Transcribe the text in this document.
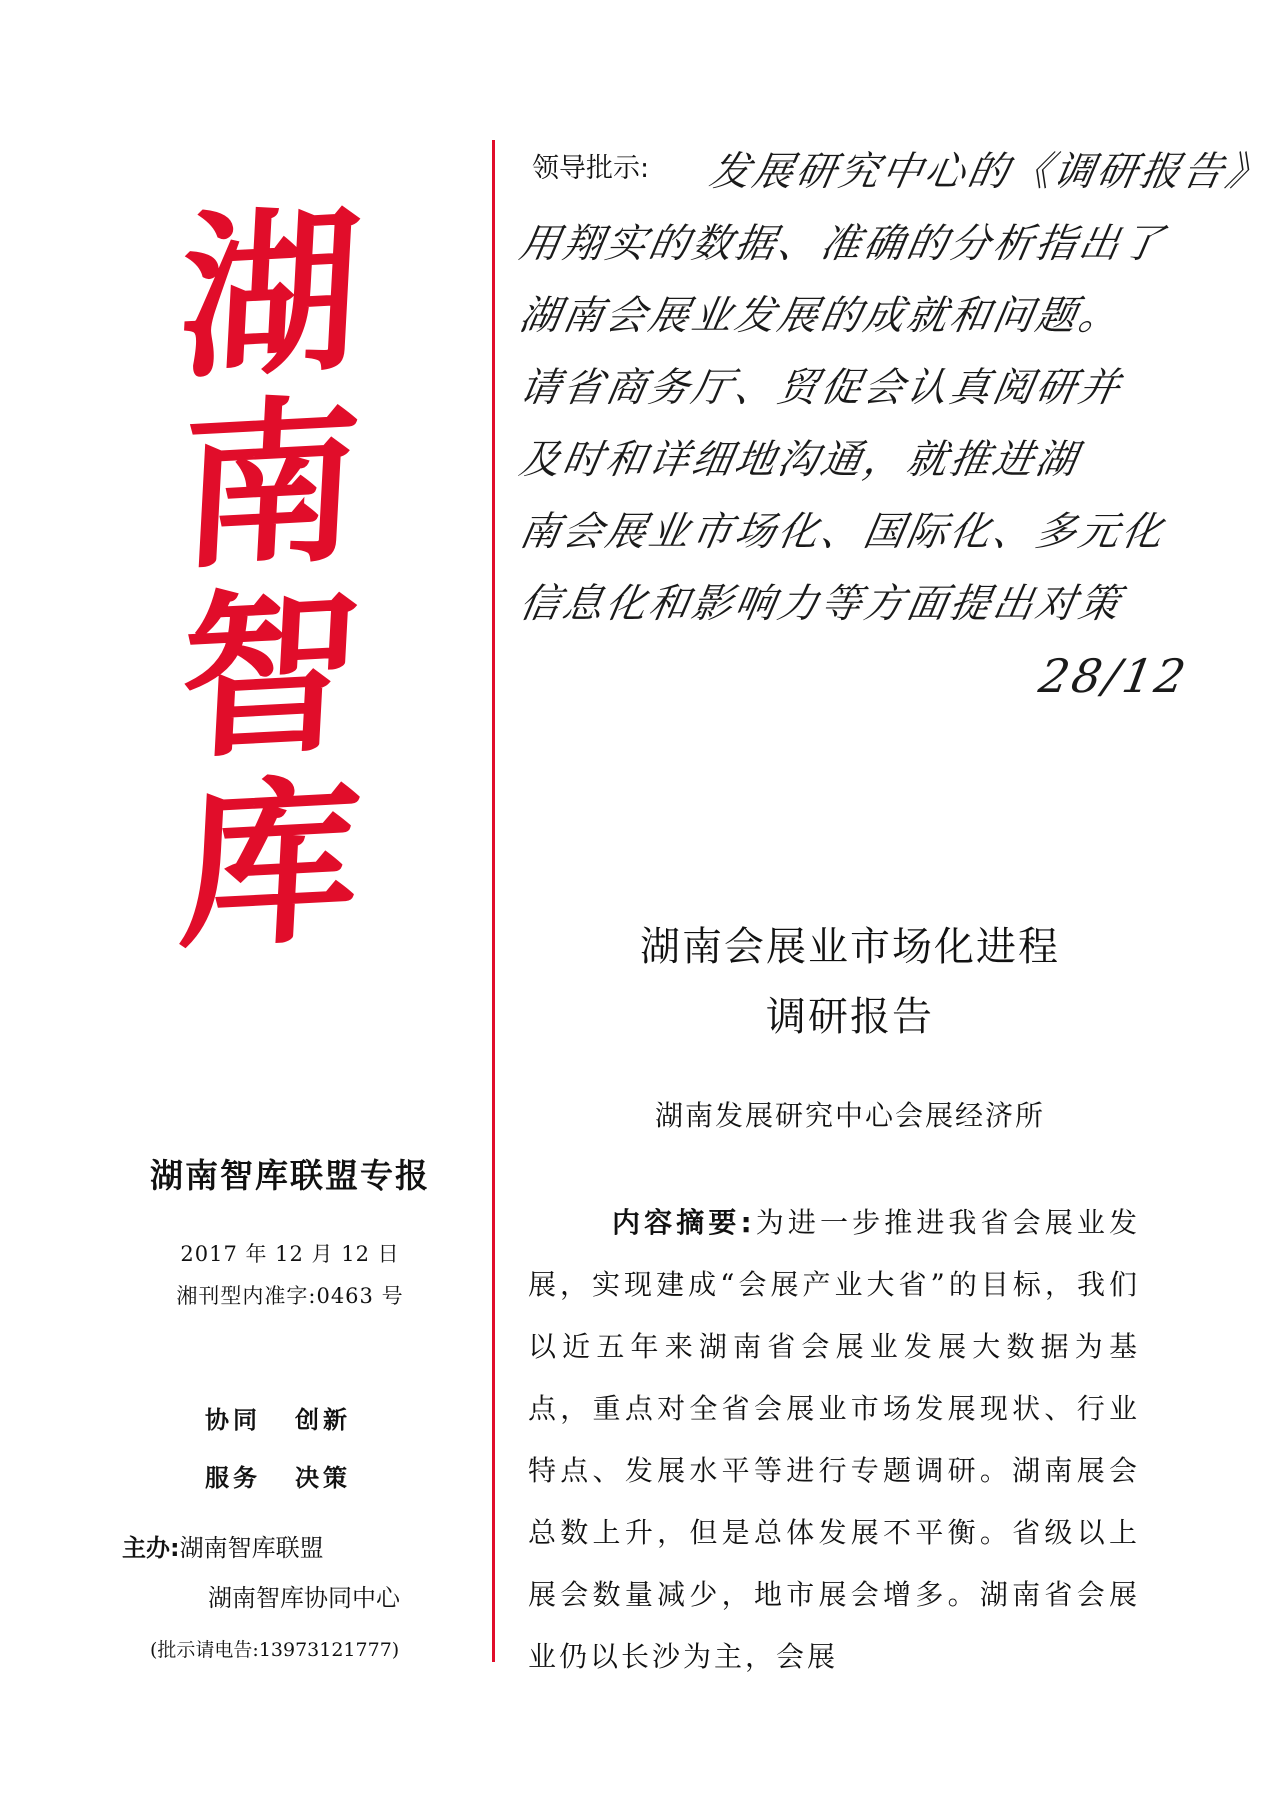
湖
南
智
库
湖南智库联盟专报
2017 年 12 月 12 日
湘刊型内准字:0463 号
协同 创新
服务 决策
主办:湖南智库联盟
湖南智库协同中心
(批示请电告:13973121777)
领导批示:	发展研究中心的《调研报告》
用翔实的数据、准确的分析指出了
湖南会展业发展的成就和问题。
请省商务厅、贸促会认真阅研并
及时和详细地沟通，就推进湖
南会展业市场化、国际化、多元化
信息化和影响力等方面提出对策
28/12
湖南会展业市场化进程
调研报告
湖南发展研究中心会展经济所
内容摘要:为进一步推进我省会展业发展，实现建成“会展产业大省”的目标，我们以近五年来湖南省会展业发展大数据为基点，重点对全省会展业市场发展现状、行业特点、发展水平等进行专题调研。湖南展会总数上升，但是总体发展不平衡。省级以上展会数量减少，地市展会增多。湖南省会展业仍以长沙为主，会展
